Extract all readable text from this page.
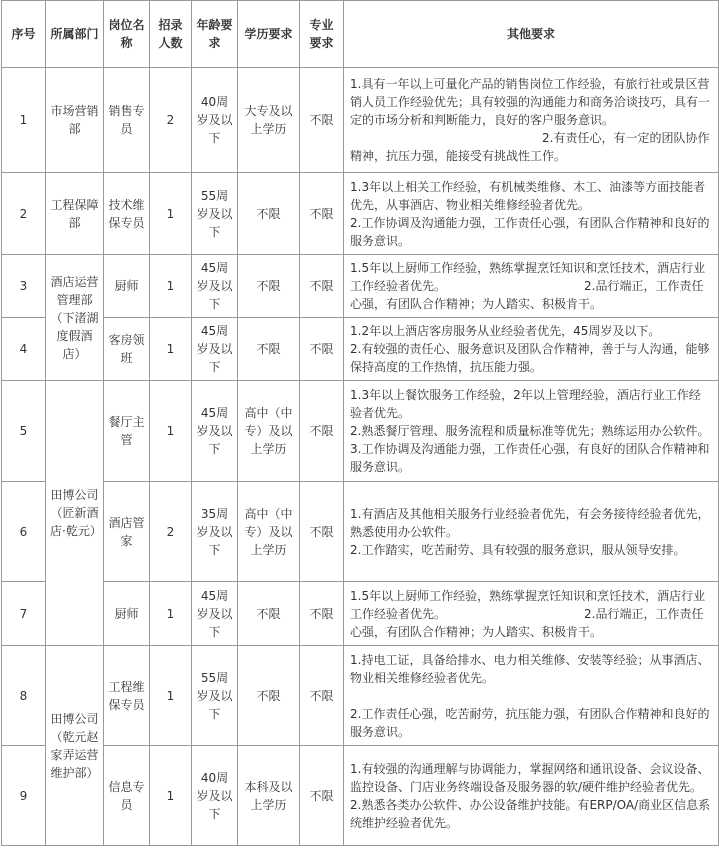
序号	所属部门	岗位名称	招录人数	年龄要求	学历要求	专业要求	其他要求
1	市场营销部	销售专员	2	40周岁及以下	大专及以上学历	不限	1.具有一年以上可量化产品的销售岗位工作经验，有旅行社或景区营销人员工作经验优先；具有较强的沟通能力和商务洽谈技巧，具有一定的市场分析和判断能力，良好的客户服务意识。
　　　　　　　　　　　　　　　　2.有责任心，有一定的团队协作精神，抗压力强，能接受有挑战性工作。

2	工程保障部	技术维保专员	1	55周岁及以下	不限	不限	1.3年以上相关工作经验，有机械类维修、木工、油漆等方面技能者优先，从事酒店、物业相关维修经验者优先。
2.工作协调及沟通能力强，工作责任心强，有团队合作精神和良好的服务意识。

3	酒店运营管理部（下渚湖度假酒店）	厨师	1	45周岁及以下	不限	不限	1.5年以上厨师工作经验，熟练掌握烹饪知识和烹饪技术，酒店行业工作经验者优先。　　　　　　　　　　　　2.品行端正，工作责任心强，有团队合作精神；为人踏实、积极肯干。

4		客房领班	1	45周岁及以下	不限	不限	1.2年以上酒店客房服务从业经验者优先，45周岁及以下。
2.有较强的责任心、服务意识及团队合作精神，善于与人沟通，能够保持高度的工作热情，抗压能力强。

5	田博公司（匠新酒店·乾元）	餐厅主管	1	45周岁及以下	高中（中专）及以上学历	不限	1.3年以上餐饮服务工作经验，2年以上管理经验，酒店行业工作经验者优先。
2.熟悉餐厅管理、服务流程和质量标准等优先；熟练运用办公软件。
3.工作协调及沟通能力强，工作责任心强，有良好的团队合作精神和服务意识。

6		酒店管家	2	35周岁及以下	高中（中专）及以上学历	不限	1.有酒店及其他相关服务行业经验者优先，有会务接待经验者优先，熟悉使用办公软件。
2.工作踏实，吃苦耐劳、具有较强的服务意识，服从领导安排。

7		厨师	1	45周岁及以下	不限	不限	1.5年以上厨师工作经验，熟练掌握烹饪知识和烹饪技术，酒店行业工作经验者优先。　　　　　　　　　　　　2.品行端正，工作责任心强，有团队合作精神；为人踏实、积极肯干。

8	田博公司（乾元赵家弄运营维护部）	工程维保专员	1	55周岁及以下	不限	不限	1.持电工证，具备给排水、电力相关维修、安装等经验；从事酒店、物业相关维修经验者优先。
2.工作责任心强，吃苦耐劳，抗压能力强，有团队合作精神和良好的服务意识。

9		信息专员	1	40周岁及以下	本科及以上学历	不限	1.有较强的沟通理解与协调能力，掌握网络和通讯设备、会议设备、监控设备、门店业务终端设备及服务器的软/硬件维护经验者优先。
2.熟悉各类办公软件、办公设备维护技能。有ERP/OA/商业区信息系统维护经验者优先。
